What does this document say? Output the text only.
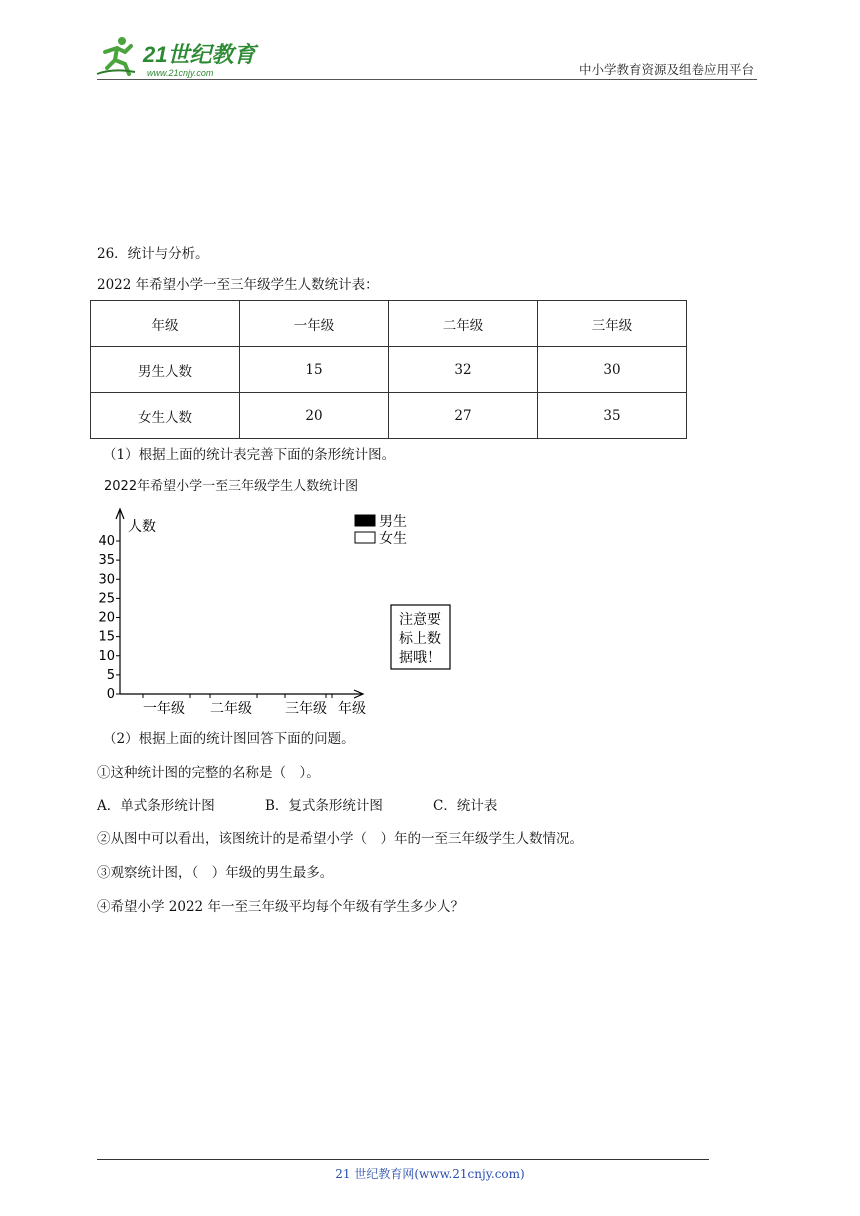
21世纪教育
www.21cnjy.com	中小学教育资源及组卷应用平台
26．统计与分析。
2022 年希望小学一至三年级学生人数统计表：
年级	一年级	二年级	三年级
男生人数	15	32	30
女生人数	20	27	35
（1）根据上面的统计表完善下面的条形统计图。
2022年希望小学一至三年级学生人数统计图
0
5
10
15
20
25
30
35
40
人数
一年级 二年级 三年级 年级
男生
女生
注意要
标上数
据哦！
（2）根据上面的统计图回答下面的问题。
①这种统计图的完整的名称是（　）。
A．单式条形统计图	B．复式条形统计图	C．统计表
②从图中可以看出，该图统计的是希望小学（　）年的一至三年级学生人数情况。
③观察统计图，（　）年级的男生最多。
④希望小学 2022 年一至三年级平均每个年级有学生多少人？
21 世纪教育网(www.21cnjy.com)
